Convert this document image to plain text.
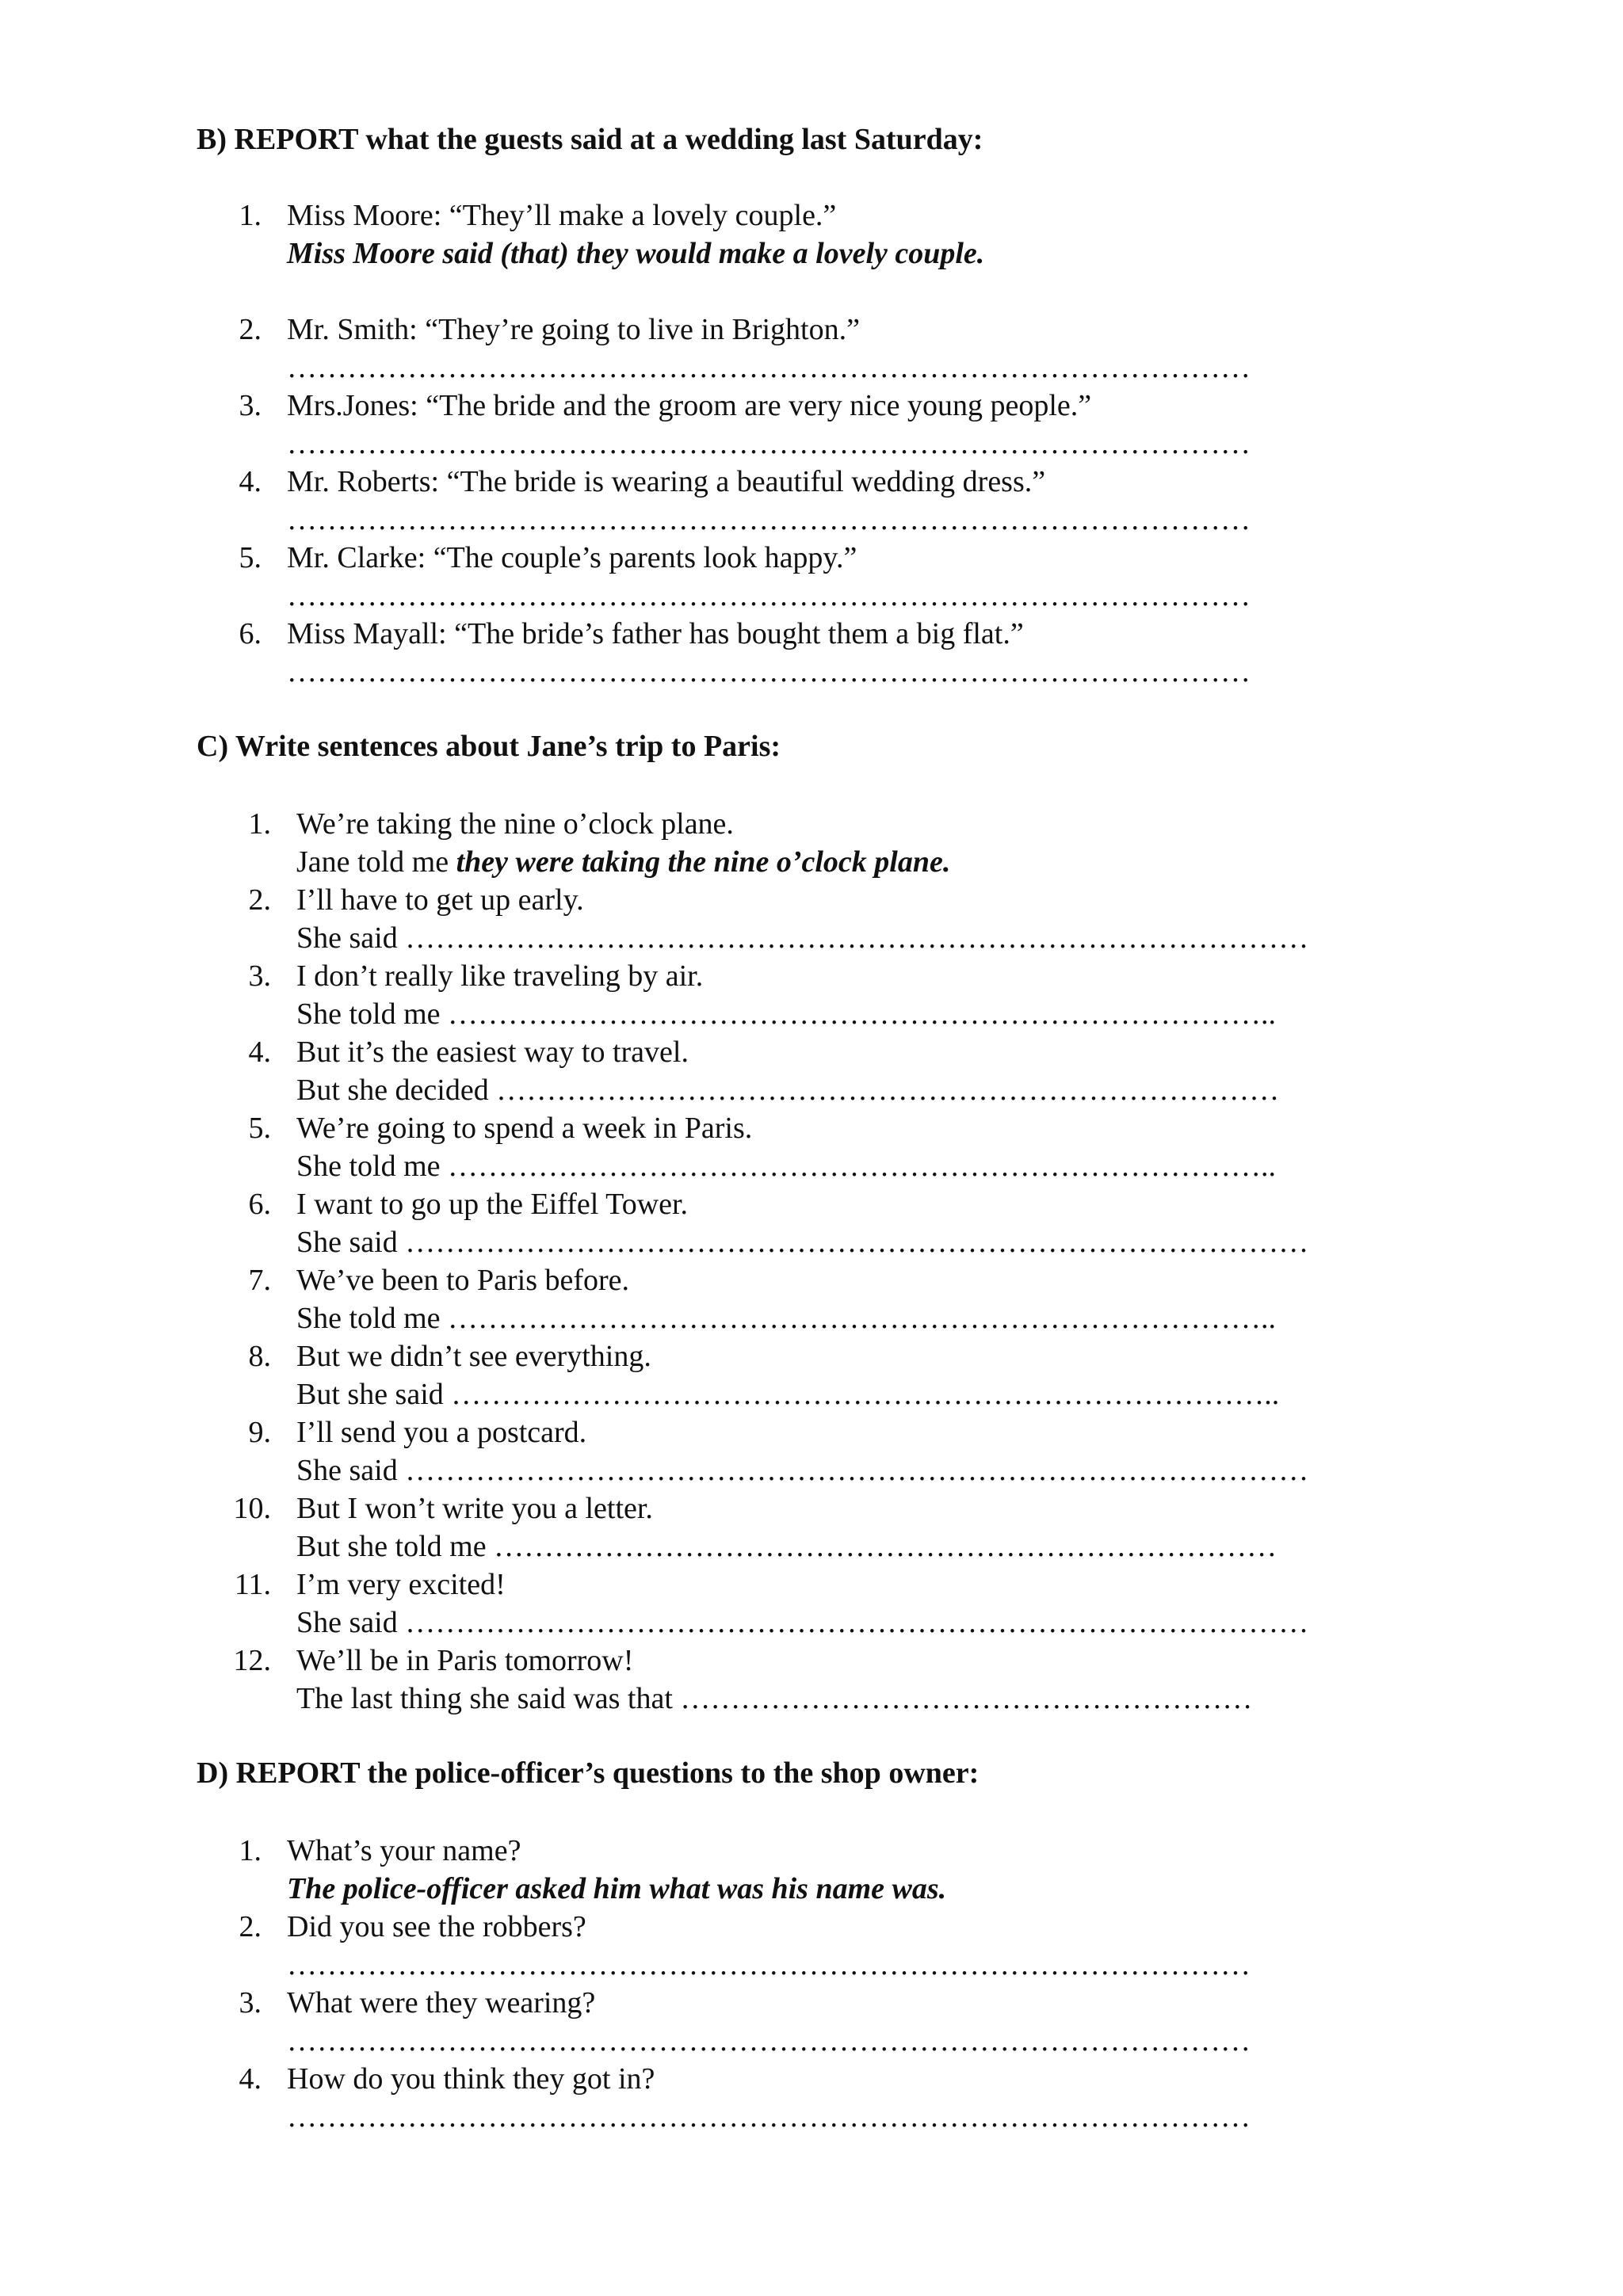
B) REPORT what the guests said at a wedding last Saturday:
1. Miss Moore: “They’ll make a lovely couple.”
Miss Moore said (that) they would make a lovely couple.
2. Mr. Smith: “They’re going to live in Brighton.”
……………………………………………………………………………………
3. Mrs.Jones: “The bride and the groom are very nice young people.”
……………………………………………………………………………………
4. Mr. Roberts: “The bride is wearing a beautiful wedding dress.”
……………………………………………………………………………………
5. Mr. Clarke: “The couple’s parents look happy.”
……………………………………………………………………………………
6. Miss Mayall: “The bride’s father has bought them a big flat.”
……………………………………………………………………………………
C) Write sentences about Jane’s trip to Paris:
1. We’re taking the nine o’clock plane.
Jane told me they were taking the nine o’clock plane.
2. I’ll have to get up early.
She said ………………………………………………………………………………
3. I don’t really like traveling by air.
She told me ………………………………………………………………………..
4. But it’s the easiest way to travel.
But she decided ……………………………………………………………………
5. We’re going to spend a week in Paris.
She told me ………………………………………………………………………..
6. I want to go up the Eiffel Tower.
She said ………………………………………………………………………………
7. We’ve been to Paris before.
She told me ………………………………………………………………………..
8. But we didn’t see everything.
But she said ………………………………………………………………………..
9. I’ll send you a postcard.
She said ………………………………………………………………………………
10. But I won’t write you a letter.
But she told me ……………………………………………………………………
11. I’m very excited!
She said ………………………………………………………………………………
12. We’ll be in Paris tomorrow!
The last thing she said was that …………………………………………………
D) REPORT the police-officer’s questions to the shop owner:
1. What’s your name?
The police-officer asked him what was his name was.
2. Did you see the robbers?
……………………………………………………………………………………
3. What were they wearing?
……………………………………………………………………………………
4. How do you think they got in?
……………………………………………………………………………………
